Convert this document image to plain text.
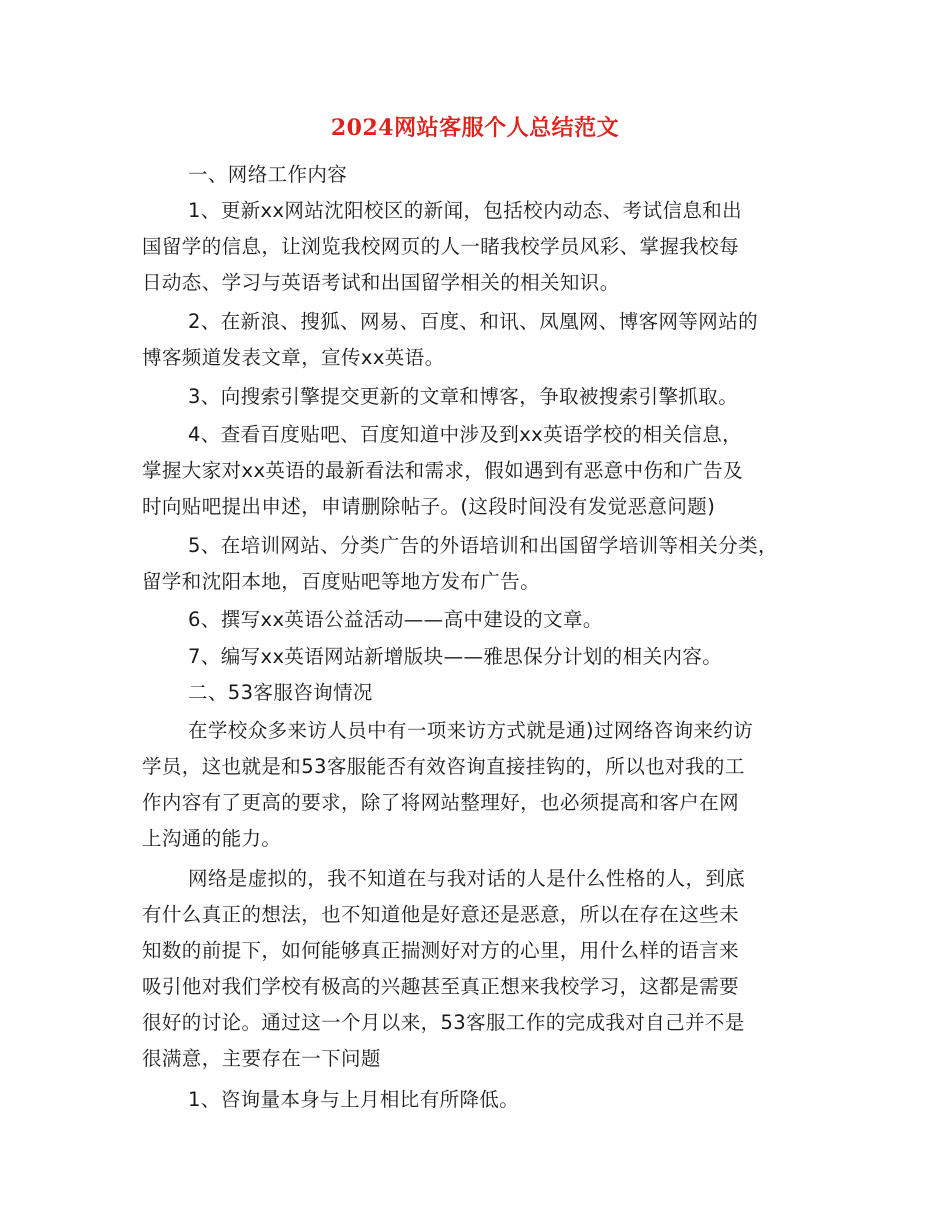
2024网站客服个人总结范文
一、网络工作内容
1、更新xx网站沈阳校区的新闻，包括校内动态、考试信息和出
国留学的信息，让浏览我校网页的人一睹我校学员风彩、掌握我校每
日动态、学习与英语考试和出国留学相关的相关知识。
2、在新浪、搜狐、网易、百度、和讯、凤凰网、博客网等网站的
博客频道发表文章，宣传xx英语。
3、向搜索引擎提交更新的文章和博客，争取被搜索引擎抓取。
4、查看百度贴吧、百度知道中涉及到xx英语学校的相关信息，
掌握大家对xx英语的最新看法和需求，假如遇到有恶意中伤和广告及
时向贴吧提出申述，申请删除帖子。(这段时间没有发觉恶意问题)
5、在培训网站、分类广告的外语培训和出国留学培训等相关分类，
留学和沈阳本地，百度贴吧等地方发布广告。
6、撰写xx英语公益活动——高中建设的文章。
7、编写xx英语网站新增版块——雅思保分计划的相关内容。
二、53客服咨询情况
在学校众多来访人员中有一项来访方式就是通)过网络咨询来约访
学员，这也就是和53客服能否有效咨询直接挂钩的，所以也对我的工
作内容有了更高的要求，除了将网站整理好，也必须提高和客户在网
上沟通的能力。
网络是虚拟的，我不知道在与我对话的人是什么性格的人，到底
有什么真正的想法，也不知道他是好意还是恶意，所以在存在这些未
知数的前提下，如何能够真正揣测好对方的心里，用什么样的语言来
吸引他对我们学校有极高的兴趣甚至真正想来我校学习，这都是需要
很好的讨论。通过这一个月以来，53客服工作的完成我对自己并不是
很满意，主要存在一下问题
1、咨询量本身与上月相比有所降低。
